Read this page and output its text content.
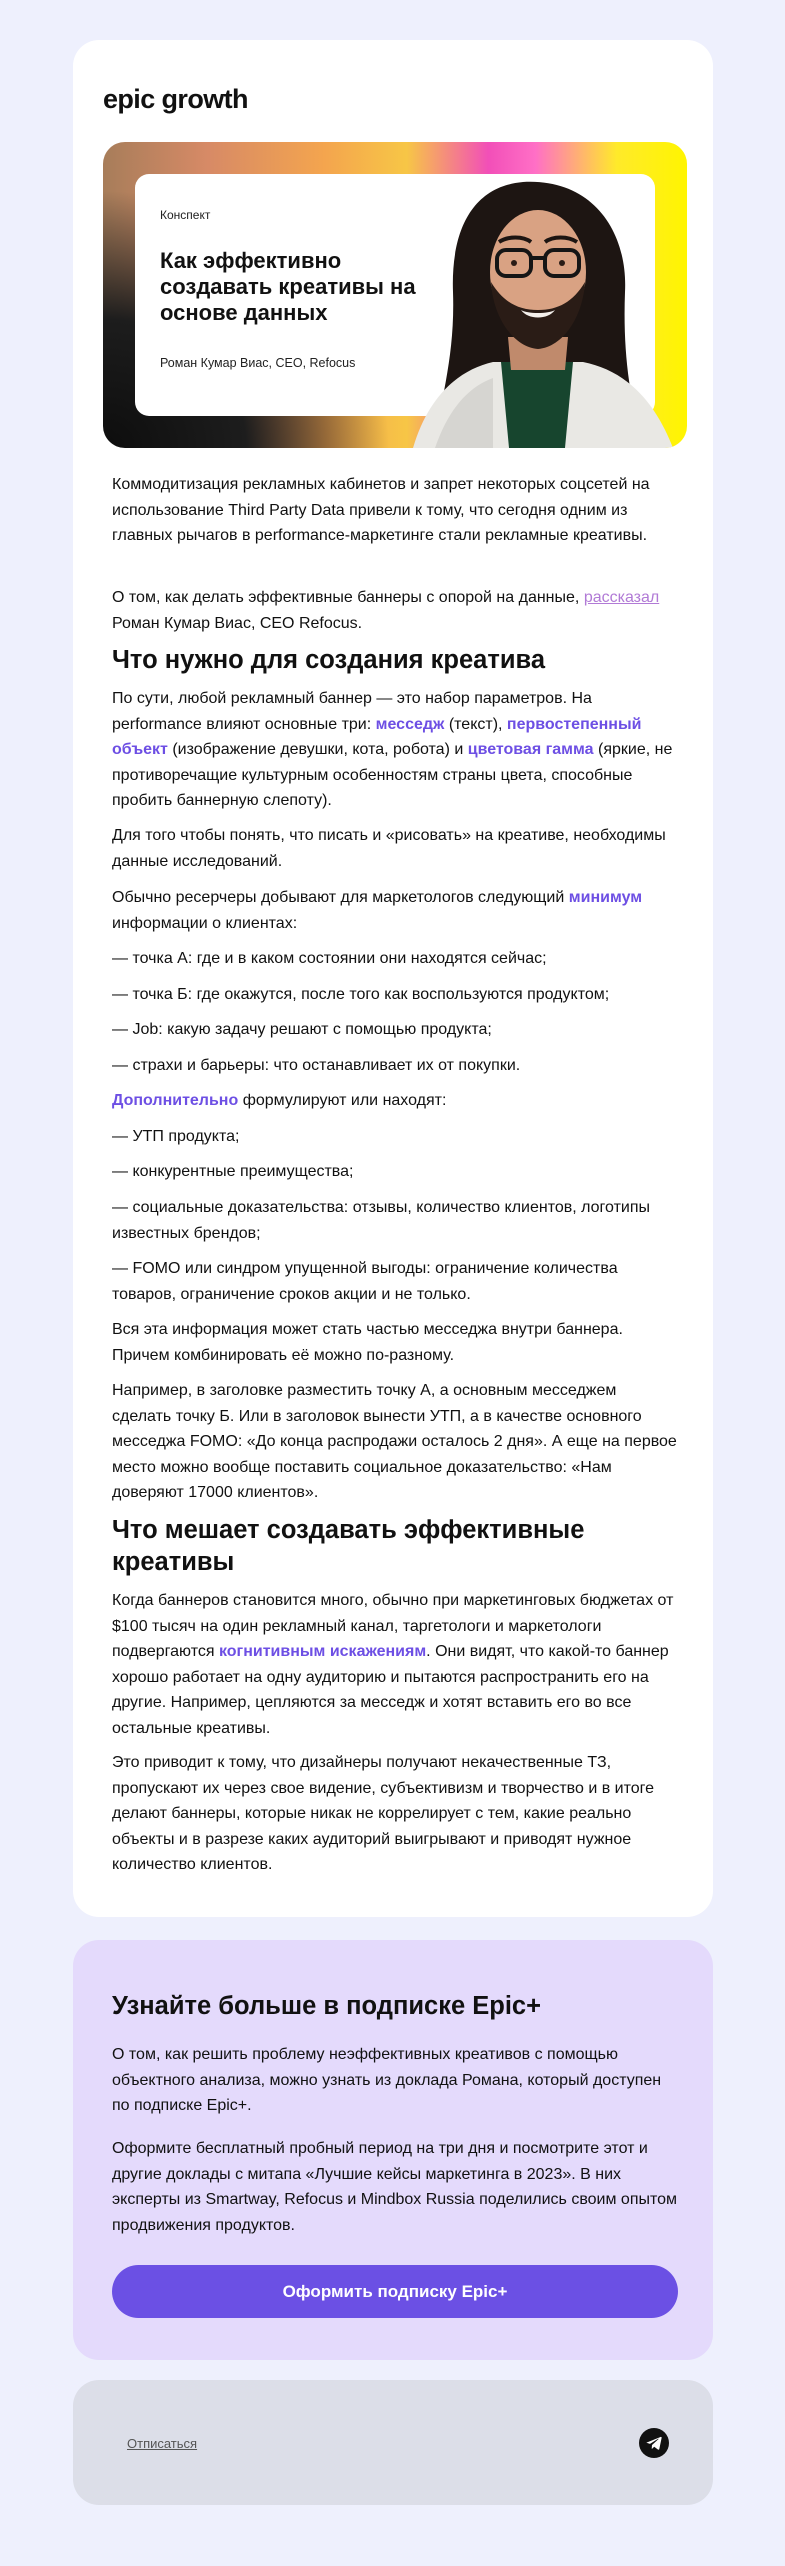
epic growth
Конспект
Как эффективно создавать креативы на основе данных
Роман Кумар Виас, CEO, Refocus
Коммодитизация рекламных кабинетов и запрет некоторых соцсетей на использование Third Party Data привели к тому, что сегодня одним из главных рычагов в performance-маркетинге стали рекламные креативы.
О том, как делать эффективные баннеры с опорой на данные, рассказал Роман Кумар Виас, CEO Refocus.
Что нужно для создания креатива
По сути, любой рекламный баннер — это набор параметров. На performance влияют основные три: месседж (текст), первостепенный объект (изображение девушки, кота, робота) и цветовая гамма (яркие, не противоречащие культурным особенностям страны цвета, способные пробить баннерную слепоту).
Для того чтобы понять, что писать и «рисовать» на креативе, необходимы данные исследований.
Обычно ресерчеры добывают для маркетологов следующий минимум информации о клиентах:
— точка А: где и в каком состоянии они находятся сейчас;
— точка Б: где окажутся, после того как воспользуются продуктом;
— Job: какую задачу решают с помощью продукта;
— страхи и барьеры: что останавливает их от покупки.
Дополнительно формулируют или находят:
— УТП продукта;
— конкурентные преимущества;
— социальные доказательства: отзывы, количество клиентов, логотипы известных брендов;
— FOMO или синдром упущенной выгоды: ограничение количества товаров, ограничение сроков акции и не только.
Вся эта информация может стать частью месседжа внутри баннера. Причем комбинировать её можно по-разному.
Например, в заголовке разместить точку А, а основным месседжем сделать точку Б. Или в заголовок вынести УТП, а в качестве основного месседжа FOMO: «До конца распродажи осталось 2 дня». А еще на первое место можно вообще поставить социальное доказательство: «Нам доверяют 17000 клиентов».
Что мешает создавать эффективные креативы
Когда баннеров становится много, обычно при маркетинговых бюджетах от $100 тысяч на один рекламный канал, таргетологи и маркетологи подвергаются когнитивным искажениям. Они видят, что какой-то баннер хорошо работает на одну аудиторию и пытаются распространить его на другие. Например, цепляются за месседж и хотят вставить его во все остальные креативы.
Это приводит к тому, что дизайнеры получают некачественные ТЗ, пропускают их через свое видение, субъективизм и творчество и в итоге делают баннеры, которые никак не коррелирует с тем, какие реально объекты и в разрезе каких аудиторий выигрывают и приводят нужное количество клиентов.
Узнайте больше в подписке Epic+
О том, как решить проблему неэффективных креативов с помощью объектного анализа, можно узнать из доклада Романа, который доступен по подписке Epic+.
Оформите бесплатный пробный период на три дня и посмотрите этот и другие доклады с митапа «Лучшие кейсы маркетинга в 2023». В них эксперты из Smartway, Refocus и Mindbox Russia поделились своим опытом продвижения продуктов.
Оформить подписку Epic+
Отписаться
